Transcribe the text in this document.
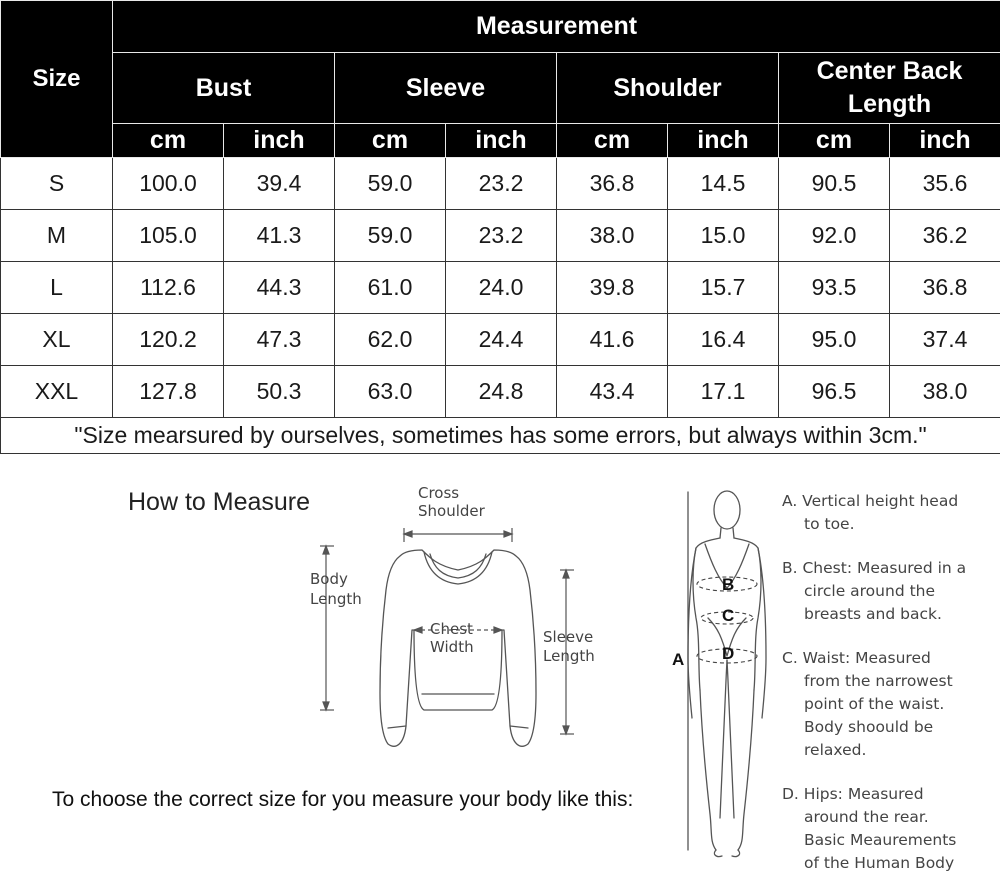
Size	Measurement							
	Bust		Sleeve		Shoulder		Center Back Length	
	cm	inch	cm	inch	cm	inch	cm	inch
S	100.0	39.4	59.0	23.2	36.8	14.5	90.5	35.6
M	105.0	41.3	59.0	23.2	38.0	15.0	92.0	36.2
L	112.6	44.3	61.0	24.0	39.8	15.7	93.5	36.8
XL	120.2	47.3	62.0	24.4	41.6	16.4	95.0	37.4
XXL	127.8	50.3	63.0	24.8	43.4	17.1	96.5	38.0
"Size mearsured by ourselves, sometimes has some errors, but always within 3cm."								
How to Measure
To choose the correct size for you measure your body like this:
Cross
Shoulder
Body
Length
Chest
Width
Sleeve
Length
B
C
D
A
A. Vertical height head
to toe.
B. Chest: Measured in a
circle around the
breasts and back.
C. Waist: Measured
from the narrowest
point of the waist.
Body shoould be
relaxed.
D. Hips: Measured
around the rear.
Basic Meaurements
of the Human Body
